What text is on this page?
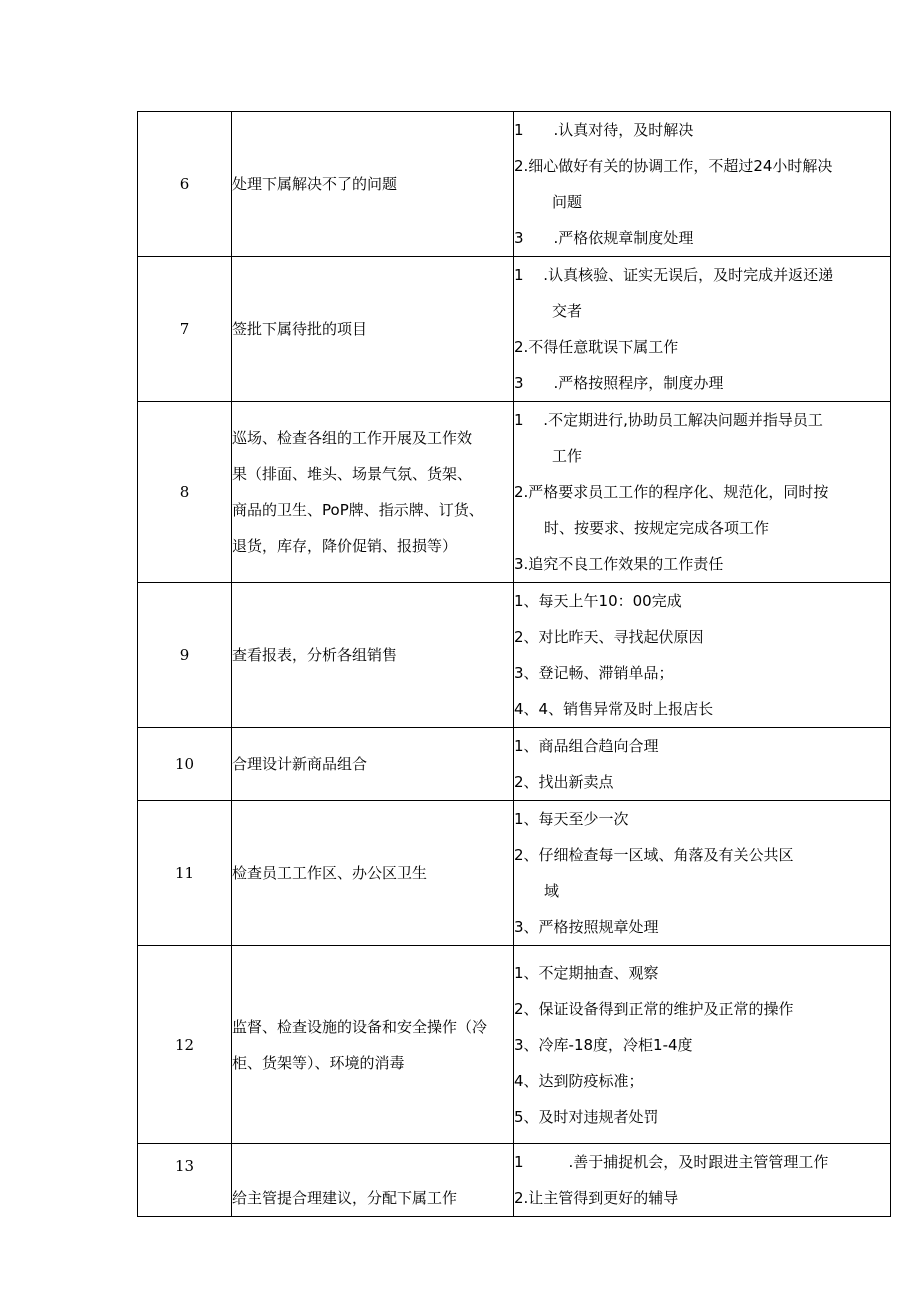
6	处理下属解决不了的问题	1　　.认真对待，及时解决
2.细心做好有关的协调工作，不超过24小时解决
问题
3　　.严格依规章制度处理

7	签批下属待批的项目	1　 .认真核验、证实无误后，及时完成并返还递
交者
2.不得任意耽误下属工作
3　　.严格按照程序，制度办理

8	巡场、检查各组的工作开展及工作效
果（排面、堆头、场景气氛、货架、
商品的卫生、PoP牌、指示牌、订货、
退货，库存，降价促销、报损等）	1　 .不定期进行,协助员工解决问题并指导员工
工作
2.严格要求员工工作的程序化、规范化，同时按
时、按要求、按规定完成各项工作
3.追究不良工作效果的工作责任

9	查看报表，分析各组销售	1、每天上午10：00完成
2、对比昨天、寻找起伏原因
3、登记畅、滞销单品；
4、4、销售异常及时上报店长

10	合理设计新商品组合	1、商品组合趋向合理
2、找出新卖点

11	检查员工工作区、办公区卫生	1、每天至少一次
2、仔细检查每一区域、角落及有关公共区
域
3、严格按照规章处理

12	监督、检查设施的设备和安全操作（冷
柜、货架等）、环境的消毒	1、不定期抽查、观察
2、保证设备得到正常的维护及正常的操作
3、冷库-18度，冷柜1-4度
4、达到防疫标准；
5、及时对违规者处罚

13	给主管提合理建议，分配下属工作	1　　　.善于捕捉机会，及时跟进主管管理工作
2.让主管得到更好的辅导
